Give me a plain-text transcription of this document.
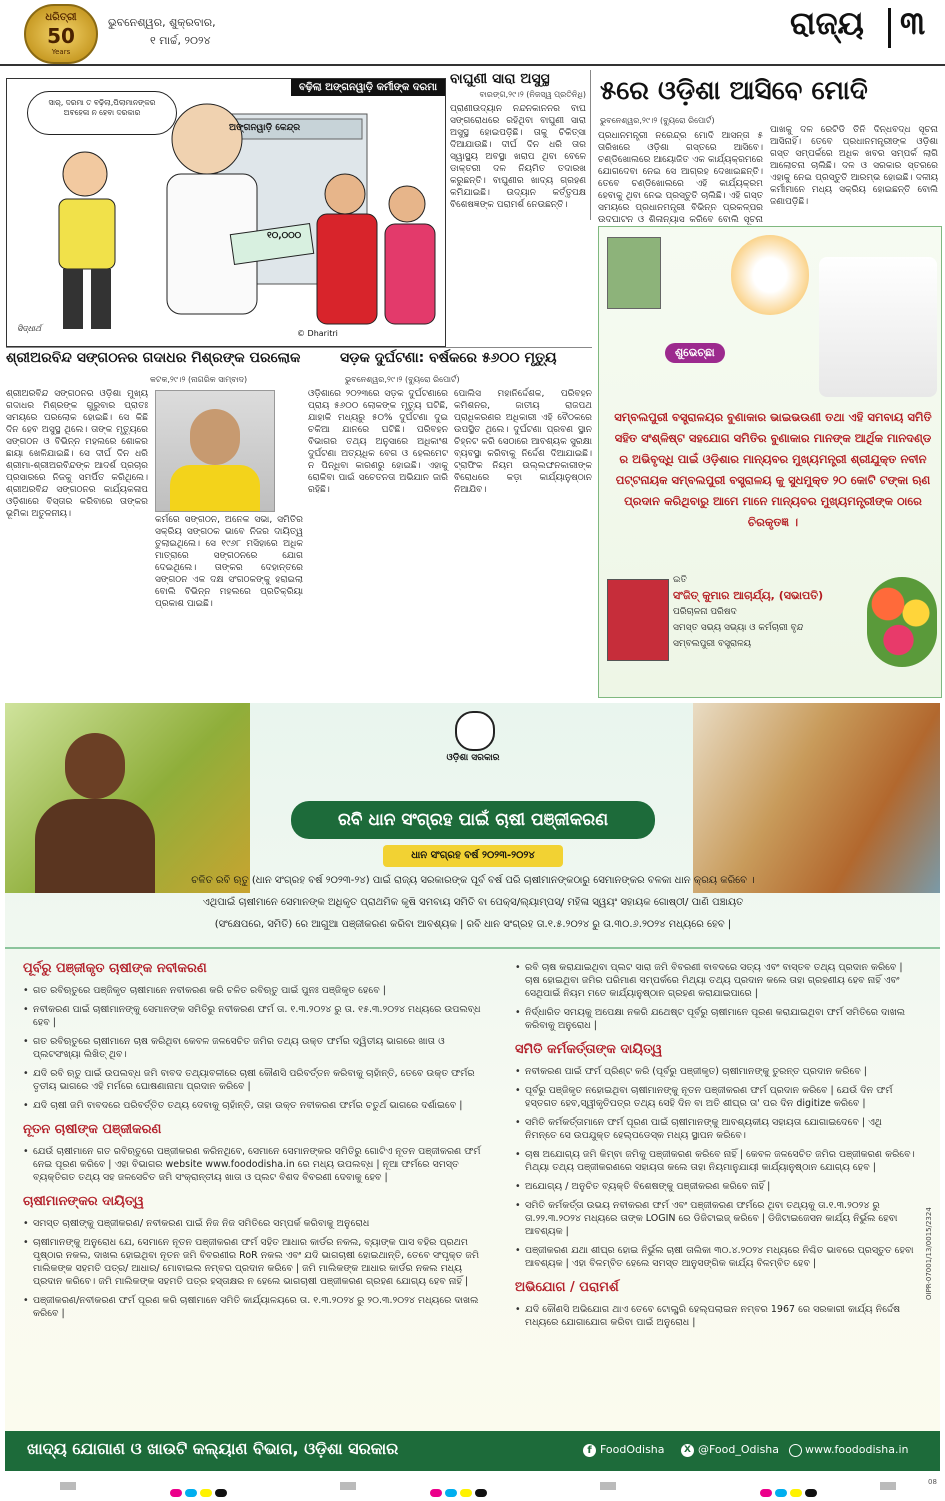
ଧରିତ୍ରୀ
50
Years
ଭୁବନେଶ୍ୱର, ଶୁକ୍ରବାର,
୧ ମାର୍ଚ୍ଚ, ୨୦୨୪	ରାଜ୍ୟ ୩
ବଢ଼ିଲା ଅଙ୍ଗନୱାଡ଼ି କର୍ମୀଙ୍କ ଦରମା
ସାର୍, ଦରମା ତ ବଢ଼ିଲା,ପିଲାମାନଙ୍କର ଅବହେଳା ନ ହେବା ଦରକାର
ଅଙ୍ଗନୱାଡ଼ି କେନ୍ଦ୍ର
୧୦,୦୦୦
ସିଦ୍ଧାର୍ଥ
© Dharitri
ବାଘୁଣୀ ସାରା ଅସୁସ୍ଥ
ବାରଙ୍ଗ,୨୯।୨ (ନିଜସ୍ୱ ପ୍ରତିନିଧି)

ପ୍ରାଣୀଉଦ୍ୟାନ ନନ୍ଦନକାନନର ବାଘ ସଙ୍ଗରୋଧରେ ରହିଥିବା ବାଘୁଣୀ ସାରା ଅସୁସ୍ଥ ହୋଇପଡ଼ିଛି। ତାକୁ ଚିକିତ୍ସା ଦିଆଯାଉଛି। ଦୀର୍ଘ ଦିନ ଧରି ତାର ସ୍ୱାସ୍ଥ୍ୟ ଅବସ୍ଥା ଖରାପ ଥିବା ବେଳେ ଡାକ୍ତରୀ ଦଳ ନିୟମିତ ତଦାରଖ କରୁଛନ୍ତି। ବାଘୁଣୀର ଖାଦ୍ୟ ଗ୍ରହଣ କମିଯାଇଛି। ଉଦ୍ୟାନ କର୍ତ୍ତୃପକ୍ଷ ବିଶେଷଜ୍ଞଙ୍କ ପରାମର୍ଶ ନେଉଛନ୍ତି।

୫ରେ ଓଡ଼ିଶା ଆସିବେ ମୋଦି
ଭୁବନେଶ୍ୱର,୨୯।୨ (ବ୍ୟୁରୋ ରିପୋର୍ଟ)

ପ୍ରଧାନମନ୍ତ୍ରୀ ନରେନ୍ଦ୍ର ମୋଦି ଆସନ୍ତା ୫ ତାରିଖରେ ଓଡ଼ିଶା ଗସ୍ତରେ ଆସିବେ। ଚଣ୍ଡିଖୋଲରେ ଆୟୋଜିତ ଏକ କାର୍ଯ୍ୟକ୍ରମରେ ଯୋଗଦେବା ନେଇ ସେ ଆଗ୍ରହ ଦେଖାଇଛନ୍ତି। ତେବେ ଚଣ୍ଡିଖୋଲରେ ଏହି କାର୍ଯ୍ୟକ୍ରମ ହେବାକୁ ଥିବା ନେଇ ପ୍ରସ୍ତୁତି ଚାଲିଛି। ଏହି ଗସ୍ତ ସମୟରେ ପ୍ରଧାନମନ୍ତ୍ରୀ ବିଭିନ୍ନ ପ୍ରକଳ୍ପର ଉଦଘାଟନ ଓ ଶିଳାନ୍ୟାସ କରିବେ ବୋଲି ସୂଚନା

ପାଖକୁ ଦଳ ରେଟିଡି ତିନି ଦିନ୍ଧବଦ୍ଧ ସୂଚନା ଆସିନାହିଁ। ତେବେ ପ୍ରଧାନମନ୍ତ୍ରୀଙ୍କ ଓଡ଼ିଶା ଗସ୍ତ ସମ୍ପର୍କରେ ଅଧିକ ଖବର ସମ୍ପର୍କ ଲାଗି ଆଲୋଚନା ଚାଲିଛି। ଦଳ ଓ ସରକାର ସ୍ତରରେ ଏହାକୁ ନେଇ ପ୍ରସ୍ତୁତି ଆରମ୍ଭ ହୋଇଛି। ଦଳୀୟ କର୍ମୀମାନେ ମଧ୍ୟ ସକ୍ରିୟ ହୋଇଛନ୍ତି ବୋଲି ଜଣାପଡ଼ିଛି।

ଶୁଭେଚ୍ଛା
ସମ୍ବଲପୁରୀ ବସ୍ତ୍ରାଳୟର ବୁଣାକାର ଭାଇଭଉଣୀ ତଥା ଏହି ସମବାୟ ସମିତି ସହିତ ସଂଶ୍ଳିଷ୍ଟ ସହଯୋଗ ସମିତିର ବୁଣାକାର ମାନଙ୍କ ଆର୍ଥିକ ମାନଦଣ୍ଡ ର ଅଭିବୃଦ୍ଧି ପାଇଁ ଓଡ଼ିଶାର ମାନ୍ୟବର ମୁଖ୍ୟମନ୍ତ୍ରୀ ଶ୍ରୀଯୁକ୍ତ ନବୀନ ପଟ୍ଟନାୟକ ସମ୍ବଲପୁରୀ ବସ୍ତ୍ରାଳୟ କୁ ସୁଧମୁକ୍ତ ୨୦ କୋଟି ଟଙ୍କା ଋଣ ପ୍ରଦାନ କରିଥିବାରୁ ଆମେ ମାନେ ମାନ୍ୟବର ମୁଖ୍ୟମନ୍ତ୍ରୀଙ୍କ ଠାରେ ଚିରକୃତଜ୍ଞ ।
ଇତି
ସଂଜିତ୍ କୁମାର ଆଚାର୍ଯ୍ୟ, (ସଭାପତି)
ପରିଚାଳନା ପରିଷଦ
ସମସ୍ତ ସଭ୍ୟ ସଭ୍ୟା ଓ କର୍ମଚାରୀ ବୃନ୍ଦ
ସମ୍ବଲପୁରୀ ବସ୍ତ୍ରାଳୟ
ଶ୍ରୀଅରବିନ୍ଦ ସଙ୍ଗଠନର ଗଦାଧର ମିଶ୍ରଙ୍କ ପରଲୋକ
କଟକ,୨୯।୨ (ନାଗରିକ ସାମ୍ବାଦ)

ଶ୍ରୀଅରବିନ୍ଦ ସଙ୍ଗଠନର ଓଡ଼ିଶା ମୁଖ୍ୟ ଗଦାଧର ମିଶ୍ରଙ୍କ ଗୁରୁବାର ପ୍ରାତଃ ସମୟରେ ପରଲୋକ ହୋଇଛି। ସେ କିଛି ଦିନ ହେବ ଅସୁସ୍ଥ ଥିଲେ। ତାଙ୍କ ମୃତ୍ୟୁରେ ସଙ୍ଗଠନ ଓ ବିଭିନ୍ନ ମହଲରେ ଶୋକର ଛାୟା ଖେଳିଯାଇଛି। ସେ ଦୀର୍ଘ ଦିନ ଧରି ଶ୍ରୀମା-ଶ୍ରୀଅରବିନ୍ଦଙ୍କ ଆଦର୍ଶ ପ୍ରଚାର ପ୍ରସାରରେ ନିଜକୁ ସମର୍ପିତ କରିଥିଲେ। ଶ୍ରୀଅରବିନ୍ଦ ସଙ୍ଗଠନର କାର୍ଯ୍ୟକଳାପ ଓଡ଼ିଶାରେ ବିସ୍ତାର କରିବାରେ ତାଙ୍କର ଭୂମିକା ଅତୁଳନୀୟ।

କର୍ମରେ ସଙ୍ଗଠନ, ଅନେକ ସଭା, ସମିତିର ସକ୍ରିୟ ସଙ୍ଗଠକ ଭାବେ ନିଜର ଦାୟିତ୍ୱ ତୁଲାଇଥିଲେ। ସେ ୧୯୬୮ ମସିହାରେ ଅଧିକ ମାତ୍ରାରେ ସଙ୍ଗଠନରେ ଯୋଗ ଦେଇଥିଲେ। ତାଙ୍କର ଦେହାନ୍ତରେ ସଙ୍ଗଠନ ଏକ ଦକ୍ଷ ସଂଗଠକଙ୍କୁ ହରାଇଲା ବୋଲି ବିଭିନ୍ନ ମହଲରେ ପ୍ରତିକ୍ରିୟା ପ୍ରକାଶ ପାଇଛି।

ସଡ଼କ ଦୁର୍ଘଟଣା: ବର୍ଷକରେ ୫୬୦୦ ମୃତ୍ୟୁ
ଭୁବନେଶ୍ୱର,୨୯।୨ (ବ୍ୟୁରୋ ରିପୋର୍ଟ)

ଓଡ଼ିଶାରେ ୨୦୨୩ରେ ସଡ଼କ ଦୁର୍ଘଟଣାରେ ପ୍ରାୟ ୫୬୦୦ ଲୋକଙ୍କ ମୃତ୍ୟୁ ଘଟିଛି, ଯାହାକି ମଧ୍ୟରୁ ୫୦% ଦୁର୍ଘଟଣା ଦୁଇ ଚକିଆ ଯାନରେ ଘଟିଛି। ପରିବହନ ବିଭାଗର ତଥ୍ୟ ଅନୁସାରେ ଅଧିକାଂଶ ଦୁର୍ଘଟଣା ଅତ୍ୟଧିକ ବେଗ ଓ ହେଲମେଟ ନ ପିନ୍ଧିବା କାରଣରୁ ହୋଇଛି। ଏହାକୁ ରୋକିବା ପାଇଁ ସଚେତନତା ଅଭିଯାନ ଜାରି ରହିଛି।

ପୋଲିସ ମହାନିର୍ଦ୍ଦେଶକ, ପରିବହନ କମିଶନର, ଜାତୀୟ ରାଜପଥ ପ୍ରାଧିକରଣର ଅଧିକାରୀ ଏହି ବୈଠକରେ ଉପସ୍ଥିତ ଥିଲେ। ଦୁର୍ଘଟଣା ପ୍ରବଣ ସ୍ଥାନ ଚିହ୍ନଟ କରି ସେଠାରେ ଆବଶ୍ୟକ ସୁରକ୍ଷା ବ୍ୟବସ୍ଥା କରିବାକୁ ନିର୍ଦ୍ଦେଶ ଦିଆଯାଇଛି। ଟ୍ରାଫିକ ନିୟମ ଉଲ୍ଲଙ୍ଘନକାରୀଙ୍କ ବିରୋଧରେ କଡ଼ା କାର୍ଯ୍ୟାନୁଷ୍ଠାନ ନିଆଯିବ।

ଓଡ଼ିଶା ସରକାର
ରବି ଧାନ ସଂଗ୍ରହ ପାଇଁ ଚାଷୀ ପଞ୍ଜୀକରଣ
ଧାନ ସଂଗ୍ରହ ବର୍ଷ ୨୦୨୩-୨୦୨୪
ଚଳିତ ରବି ଋତୁ (ଧାନ ସଂଗ୍ରହ ବର୍ଷ ୨୦୨୩-୨୪) ପାଇଁ ରାଜ୍ୟ ସରକାରଙ୍କ ପୂର୍ବ ବର୍ଷ ପରି ଚାଷୀମାନଙ୍କଠାରୁ ସେମାନଙ୍କର ବଳକା ଧାନ କ୍ରୟ କରିବେ ।
ଏଥିପାଇଁ ଚାଷୀମାନେ ସେମାନଙ୍କ ଅଧିକୃତ ପ୍ରାଥମିକ କୃଷି ସମବାୟ ସମିତି ବା ପେକ୍ସ/ଲ୍ୟାମ୍ପସ୍/ ମହିଳା ସ୍ୱୟଂ ସହାୟକ ଗୋଷ୍ଠୀ/ ପାଣି ପଞ୍ଚାୟତ
(ସଂକ୍ଷେପରେ, ସମିତି) ରେ ଆଗୁଆ ପଞ୍ଜୀକରଣ କରିବା ଆବଶ୍ୟକ | ରବି ଧାନ ସଂଗ୍ରହ ତା.୧.୫.୨୦୨୪ ରୁ ତା.୩୦.୬.୨୦୨୪ ମଧ୍ୟରେ ହେବ |
ପୂର୍ବରୁ ପଞ୍ଜୀକୃତ ଚାଷୀଙ୍କ ନବୀକରଣ

• ଗତ ରବିଋତୁରେ ପଞ୍ଜିକୃତ ଚାଷୀମାନେ ନବୀକରଣ କରି ଚଳିତ ରବିଋତୁ ପାଇଁ ପୁନଃ ପଞ୍ଜିକୃତ ହେବେ |

• ନବୀକରଣ ପାଇଁ ଚାଷୀମାନଙ୍କୁ ସେମାନଙ୍କ ସମିତିରୁ ନବୀକରଣ ଫର୍ମ ତା. ୧.୩.୨୦୨୪ ରୁ ତା. ୧୫.୩.୨୦୨୪ ମଧ୍ୟରେ ଉପଲବ୍ଧ ହେବ |

• ଗତ ରବିଋତୁରେ ଚାଷୀମାନେ ଚାଷ କରିଥିବା କେବଳ ଜଳସେଚିତ ଜମିର ତଥ୍ୟ ଉକ୍ତ ଫର୍ମର ଦ୍ୱିତୀୟ ଭାଗରେ ଖାତା ଓ ପ୍ଲଟସଂଖ୍ୟା ଲିଖିତ୍ ଥିବ।

• ଯଦି ରବି ଋତୁ ପାଇଁ ଉପଲବ୍ଧ ଜମି ବାବଦ ତଥ୍ୟାବଳୀରେ ଚାଷୀ କୌଣସି ପରିବର୍ତ୍ତନ କରିବାକୁ ଚାହାଁନ୍ତି, ତେବେ ଉକ୍ତ ଫର୍ମର ତୃତୀୟ ଭାଗରେ ଏହି ମର୍ମରେ ଘୋଷଣାନାମା ପ୍ରଦାନ କରିବେ |

• ଯଦି ଚାଷୀ ଜମି ବାବଦରେ ପରିବର୍ତ୍ତିତ ତଥ୍ୟ ଦେବାକୁ ଚାହାଁନ୍ତି, ତାହା ଉକ୍ତ ନବୀକରଣ ଫର୍ମର ଚତୁର୍ଥ ଭାଗରେ ଦର୍ଶାଇବେ |

ନୂତନ ଚାଷୀଙ୍କ ପଞ୍ଜୀକରଣ

• ଯେଉଁ ଚାଷୀମାନେ ଗତ ରବିଋତୁରେ ପଞ୍ଜୀକରଣ କରିନଥିବେ, ସେମାନେ ସେମାନଙ୍କର ସମିତିରୁ ଗୋଟିଏ ନୂତନ ପଞ୍ଜୀକରଣ ଫର୍ମ ନେଇ ପୂରଣ କରିବେ | ଏହା ବିଭାଗର website www.foododisha.in ରେ ମଧ୍ୟ ଉପଲବ୍ଧ | ନୂଆ ଫର୍ମରେ ସମସ୍ତ ବ୍ୟକ୍ତିଗତ ତଥ୍ୟ ସହ ଜଳସେଚିତ ଜମି ସଂକ୍ରାନ୍ତୀୟ ଖାତା ଓ ପ୍ଲଟ ବିଶଦ ବିବରଣୀ ଦେବାକୁ ହେବ |

ଚାଷୀମାନଙ୍କର ଦାୟିତ୍ୱ

• ସମସ୍ତ ଚାଷୀଙ୍କୁ ପଞ୍ଜୀକରଣ/ ନବୀକରଣ ପାଇଁ ନିଜ ନିଜ ସମିତିରେ ସମ୍ପର୍କ କରିବାକୁ ଅନୁରୋଧ

• ଚାଷୀମାନଙ୍କୁ ଅନୁରୋଧ ଯେ, ସେମାନେ ନୂତନ ପଞ୍ଜୀକରଣ ଫର୍ମ ସହିତ ଆଧାର କାର୍ଡର ନକଲ, ବ୍ୟାଙ୍କ ପାସ ବହିର ପ୍ରଥମ ପୃଷ୍ଠାର ନକଲ, ଦାଖଲ ହୋଇଥିବା ନୂତନ ଜମି ବିବରଣୀର RoR ନକଲ ଏବଂ ଯଦି ଭାଗଚାଷୀ ହୋଇଥାନ୍ତି, ତେବେ ସଂପୃକ୍ତ ଜମି ମାଲିକଙ୍କ ସହମତି ପତ୍ର/ ଆଧାର/ ମୋବାଇଲ ନମ୍ବର ପ୍ରଦାନ କରିବେ | ଜମି ମାଲିକଙ୍କ ଆଧାର କାର୍ଡର ନକଲ ମଧ୍ୟ ପ୍ରଦାନ କରିବେ। ଜମି ମାଲିକଙ୍କ ସହମତି ପତ୍ର ହସ୍ତାକ୍ଷର ନ ହେଲେ ଭାଗଚାଷୀ ପଞ୍ଜୀକରଣ ଗ୍ରହଣ ଯୋଗ୍ୟ ହେବ ନାହିଁ |

• ପଞ୍ଜୀକରଣ/ନବୀକରଣ ଫର୍ମ ପୂରଣ କରି ଚାଷୀମାନେ ସମିତି କାର୍ଯ୍ୟାଳୟରେ ତା. ୧.୩.୨୦୨୪ ରୁ ୨୦.୩.୨୦୨୪ ମଧ୍ୟରେ ଦାଖଲ କରିବେ |

• ରବି ଚାଷ କରାଯାଇଥିବା ପ୍ଲଟ ସାରା ଜମି ବିବରଣୀ ବାବଦରେ ସତ୍ୟ ଏବଂ ବାସ୍ତବ ତଥ୍ୟ ପ୍ରଦାନ କରିବେ | ଚାଷ ହୋଇଥିବା ଜମିର ପରିମାଣ ସମ୍ପର୍କରେ ମିଥ୍ୟା ତଥ୍ୟ ପ୍ରଦାନ କଲେ ତାହା ଗ୍ରହଣୀୟ ହେବ ନାହିଁ ଏବଂ ସେଥିପାଇଁ ନିୟମ ମତେ କାର୍ଯ୍ୟାନୁଷ୍ଠାନ ଗ୍ରହଣ କରାଯାଇପାରେ |

• ନିର୍ଦ୍ଧାରିତ ସମୟକୁ ଅପେକ୍ଷା ନକରି ଯଥେଷ୍ଟ ପୂର୍ବରୁ ଚାଷୀମାନେ ପୂରଣ କରାଯାଇଥିବା ଫର୍ମ ସମିତିରେ ଦାଖଲ କରିବାକୁ ଅନୁରୋଧ |

ସମିତି କର୍ମକର୍ତ୍ତାଙ୍କ ଦାୟିତ୍ୱ

• ନବୀକରଣ ପାଇଁ ଫର୍ମ ପ୍ରିଣ୍ଟ କରି (ପୂର୍ବରୁ ପଞ୍ଜୀକୃତ) ଚାଷୀମାନଙ୍କୁ ତୁରନ୍ତ ପ୍ରଦାନ କରିବେ |

• ପୂର୍ବରୁ ପଞ୍ଜିକୃତ ନହୋଇଥିବା ଚାଷୀମାନଙ୍କୁ ନୂତନ ପଞ୍ଜୀକରଣ ଫର୍ମ ପ୍ରଦାନ କରିବେ | ଯେଉଁ ଦିନ ଫର୍ମ ହସ୍ତଗତ ହେବ,ସ୍ୱୀକୃତିପତ୍ର ତଥ୍ୟ ସେହି ଦିନ ବା ଅତି ଶୀଘ୍ର ତା' ପର ଦିନ digitize କରିବେ |

• ସମିତି କର୍ମକର୍ତ୍ତାମାନେ ଫର୍ମ ପୂରଣ ପାଇଁ ଚାଷୀମାନଙ୍କୁ ଆବଶ୍ୟକୀୟ ସହାୟତା ଯୋଗାଇଦେବେ | ଏଥି ନିମନ୍ତେ ସେ ଉପଯୁକ୍ତ ହେଲ୍ପଡେସ୍କ ମଧ୍ୟ ସ୍ଥାପନ କରିବେ।

• ଚାଷ ଅଯୋଗ୍ୟ ଜମି କିମ୍ବା ଜମିକୁ ପଞ୍ଜୀକରଣ କରିବେ ନାହିଁ | କେବଳ ଜଳସେଚିତ ଜମିର ପଞ୍ଜୀକରଣ କରିବେ। ମିଥ୍ୟା ତଥ୍ୟ ପଞ୍ଜୀକରଣରେ ସହାୟତା କଲେ ତାହା ନିୟମାନୁଯାୟୀ କାର୍ଯ୍ୟାନୁଷ୍ଠାନ ଯୋଗ୍ୟ ହେବ |

• ଅଯୋଗ୍ୟ / ଅନୁଚିତ ବ୍ୟକ୍ତି ବିଶେଷଙ୍କୁ ପଞ୍ଜୀକରଣ କରିବେ ନାହିଁ |

• ସମିତି କର୍ମକର୍ତ୍ତା ଉଭୟ ନବୀକରଣ ଫର୍ମ ଏବଂ ପଞ୍ଜୀକରଣ ଫର୍ମରେ ଥିବା ତଥ୍ୟକୁ ତା.୧.୩.୨୦୨୪ ରୁ ତା.୨୨.୩.୨୦୨୪ ମଧ୍ୟରେ ତାଙ୍କ LOGIN ରେ ଡିଜିଟାଇଜ୍ କରିବେ | ଡିଜିଟାଇଜେସନ କାର୍ଯ୍ୟ ନିର୍ଭୁଲ ହେବା ଆବଶ୍ୟକ |

• ପଞ୍ଜୀକରଣ ଯଥା ଶୀଘ୍ର ହୋଇ ନିର୍ଭୁଲ ଚାଷୀ ତାଲିକା ୩୦.୪.୨୦୨୪ ମଧ୍ୟରେ ନିଶ୍ଚିତ ଭାବରେ ପ୍ରସ୍ତୁତ ହେବା ଆବଶ୍ୟକ | ଏହା ବିଳମ୍ବିତ ହେଲେ ସମସ୍ତ ଆନୁସଙ୍ଗିକ କାର୍ଯ୍ୟ ବିଳମ୍ବିତ ହେବ |

ଅଭିଯୋଗ / ପରାମର୍ଶ

• ଯଦି କୌଣସି ଅଭିଯୋଗ ଥାଏ ତେବେ ଟୋଲ୍ଫ୍ରି ହେଲ୍ପଲାଇନ ନମ୍ବର 1967 ରେ ସରକାରୀ କାର୍ଯ୍ୟ ନିର୍ଦ୍ଦେଷ ମଧ୍ୟରେ ଯୋଗାଯୋଗ କରିବା ପାଇଁ ଅନୁରୋଧ |

ଖାଦ୍ୟ ଯୋଗାଣ ଓ ଖାଉଟି କଲ୍ୟାଣ ବିଭାଗ, ଓଡ଼ିଶା ସରକାର	f FoodOdisha	X @Food_Odisha www.foododisha.in
OIPR-07001/13/0015/2324
08
